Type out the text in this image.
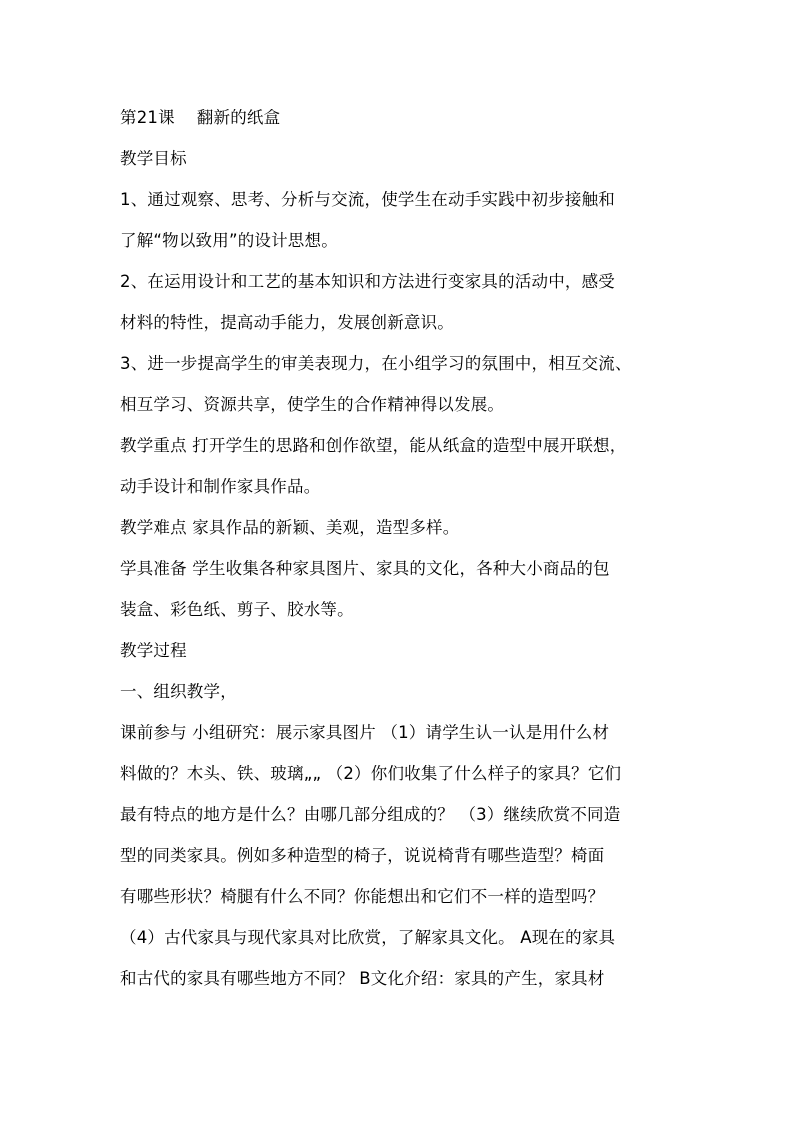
第21课 翻新的纸盒
教学目标
1、通过观察、思考、分析与交流，使学生在动手实践中初步接触和
了解“物以致用”的设计思想。
2、在运用设计和工艺的基本知识和方法进行变家具的活动中，感受
材料的特性，提高动手能力，发展创新意识。
3、进一步提高学生的审美表现力，在小组学习的氛围中，相互交流、
相互学习、资源共享，使学生的合作精神得以发展。
教学重点 打开学生的思路和创作欲望，能从纸盒的造型中展开联想，
动手设计和制作家具作品。
教学难点 家具作品的新颖、美观，造型多样。
学具准备 学生收集各种家具图片、家具的文化，各种大小商品的包
装盒、彩色纸、剪子、胶水等。
教学过程
一、组织教学，
课前参与 小组研究：展示家具图片 （1）请学生认一认是用什么材
料做的？木头、铁、玻璃„„ （2）你们收集了什么样子的家具？它们
最有特点的地方是什么？由哪几部分组成的？ （3）继续欣赏不同造
型的同类家具。例如多种造型的椅子，说说椅背有哪些造型？椅面
有哪些形状？椅腿有什么不同？你能想出和它们不一样的造型吗？
（4）古代家具与现代家具对比欣赏，了解家具文化。 A现在的家具
和古代的家具有哪些地方不同？ B文化介绍：家具的产生，家具材
